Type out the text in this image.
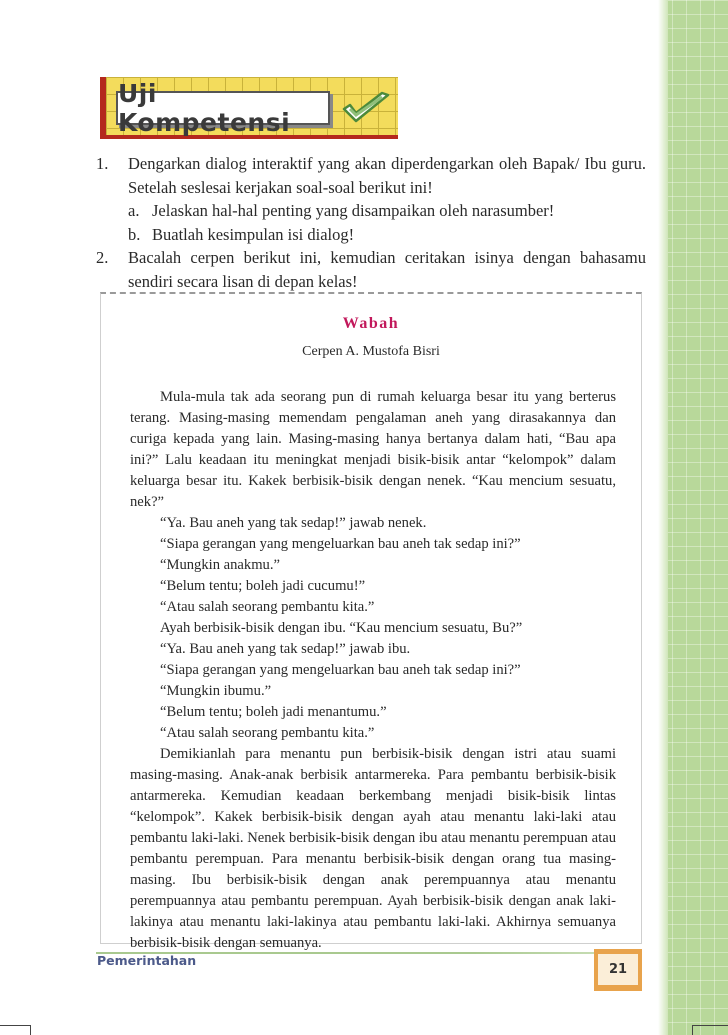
Uji Kompetensi
1. Dengarkan dialog interaktif yang akan diperdengarkan oleh Bapak/ Ibu guru. Setelah seslesai kerjakan soal-soal berikut ini!
a. Jelaskan hal-hal penting yang disampaikan oleh narasumber!
b. Buatlah kesimpulan isi dialog!
2. Bacalah cerpen berikut ini, kemudian ceritakan isinya dengan bahasamu sendiri secara lisan di depan kelas!
Wabah
Cerpen A. Mustofa Bisri

Mula-mula tak ada seorang pun di rumah keluarga besar itu yang berterus terang. Masing-masing memendam pengalaman aneh yang dirasakannya dan curiga kepada yang lain. Masing-masing hanya bertanya dalam hati, “Bau apa ini?” Lalu keadaan itu meningkat menjadi bisik-bisik antar “kelompok” dalam keluarga besar itu. Kakek berbisik-bisik dengan nenek. “Kau mencium sesuatu, nek?”

“Ya. Bau aneh yang tak sedap!” jawab nenek.
“Siapa gerangan yang mengeluarkan bau aneh tak sedap ini?”
“Mungkin anakmu.”
“Belum tentu; boleh jadi cucumu!”
“Atau salah seorang pembantu kita.”
Ayah berbisik-bisik dengan ibu. “Kau mencium sesuatu, Bu?”
“Ya. Bau aneh yang tak sedap!” jawab ibu.
“Siapa gerangan yang mengeluarkan bau aneh tak sedap ini?”
“Mungkin ibumu.”
“Belum tentu; boleh jadi menantumu.”
“Atau salah seorang pembantu kita.”

Demikianlah para menantu pun berbisik-bisik dengan istri atau suami masing-masing. Anak-anak berbisik antarmereka. Para pembantu berbisik-bisik antarmereka. Kemudian keadaan berkembang menjadi bisik-bisik lintas “kelompok”. Kakek berbisik-bisik dengan ayah atau menantu laki-laki atau pembantu laki-laki. Nenek berbisik-bisik dengan ibu atau menantu perempuan atau pembantu perempuan. Para menantu berbisik-bisik dengan orang tua masing-masing. Ibu berbisik-bisik dengan anak perempuannya atau menantu perempuannya atau pembantu perempuan. Ayah berbisik-bisik dengan anak laki-lakinya atau menantu laki-lakinya atau pembantu laki-laki. Akhirnya semuanya berbisik-bisik dengan semuanya.

Pemerintahan
21
